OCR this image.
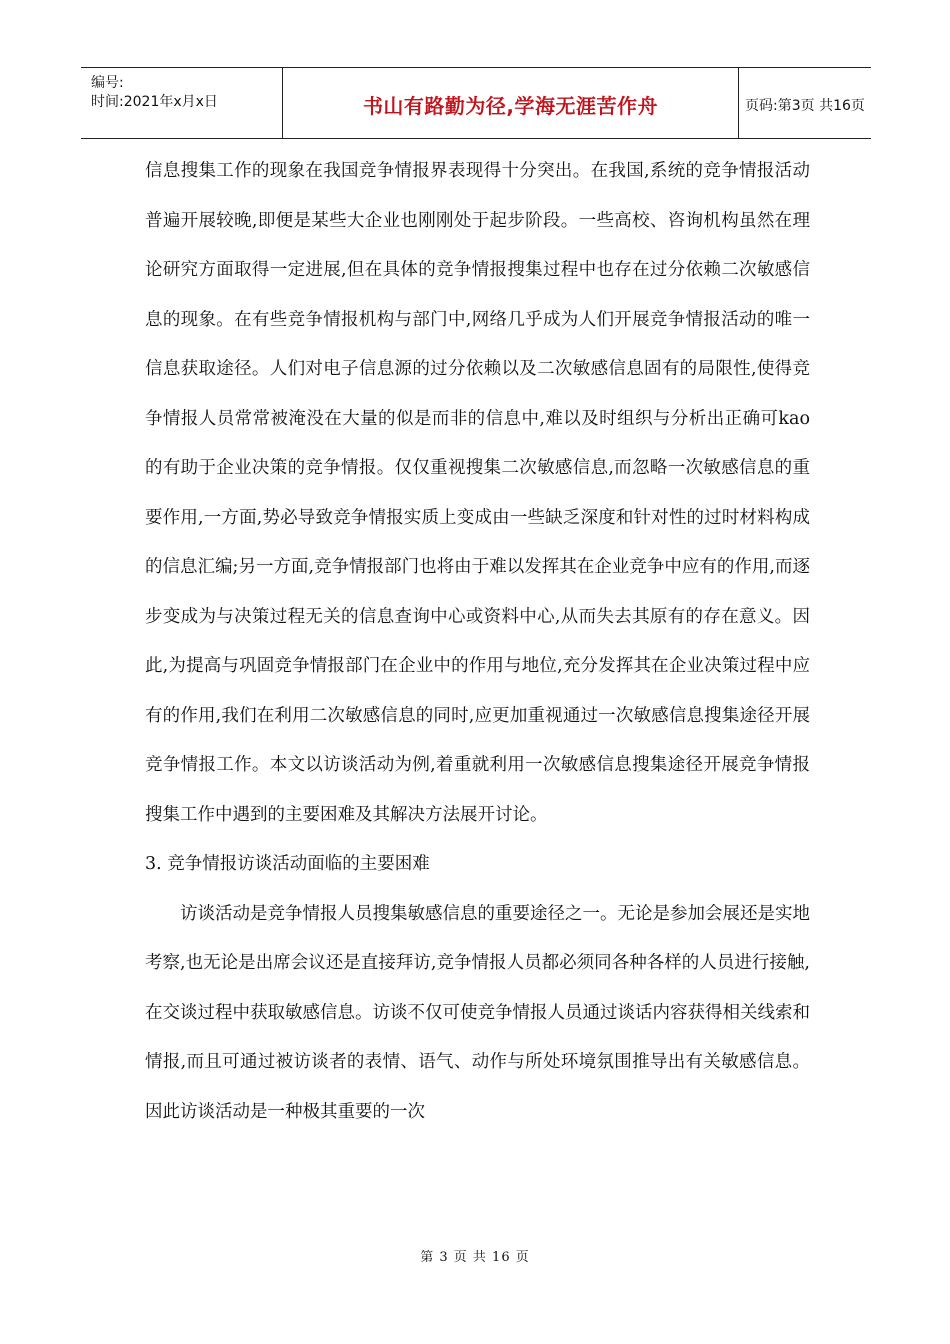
编号:
时间:2021年x月x日	书山有路勤为径,学海无涯苦作舟	页码:第3页 共16页

信息搜集工作的现象在我国竞争情报界表现得十分突出。在我国,系统的竞争情报活动普遍开展较晚,即便是某些大企业也刚刚处于起步阶段。一些高校、咨询机构虽然在理论研究方面取得一定进展,但在具体的竞争情报搜集过程中也存在过分依赖二次敏感信息的现象。在有些竞争情报机构与部门中,网络几乎成为人们开展竞争情报活动的唯一信息获取途径。人们对电子信息源的过分依赖以及二次敏感信息固有的局限性,使得竞争情报人员常常被淹没在大量的似是而非的信息中,难以及时组织与分析出正确可kao的有助于企业决策的竞争情报。仅仅重视搜集二次敏感信息,而忽略一次敏感信息的重要作用,一方面,势必导致竞争情报实质上变成由一些缺乏深度和针对性的过时材料构成的信息汇编;另一方面,竞争情报部门也将由于难以发挥其在企业竞争中应有的作用,而逐步变成为与决策过程无关的信息查询中心或资料中心,从而失去其原有的存在意义。因此,为提高与巩固竞争情报部门在企业中的作用与地位,充分发挥其在企业决策过程中应有的作用,我们在利用二次敏感信息的同时,应更加重视通过一次敏感信息搜集途径开展竞争情报工作。本文以访谈活动为例,着重就利用一次敏感信息搜集途径开展竞争情报搜集工作中遇到的主要困难及其解决方法展开讨论。

3. 竞争情报访谈活动面临的主要困难

访谈活动是竞争情报人员搜集敏感信息的重要途径之一。无论是参加会展还是实地考察,也无论是出席会议还是直接拜访,竞争情报人员都必须同各种各样的人员进行接触,在交谈过程中获取敏感信息。访谈不仅可使竞争情报人员通过谈话内容获得相关线索和情报,而且可通过被访谈者的表情、语气、动作与所处环境氛围推导出有关敏感信息。因此访谈活动是一种极其重要的一次

第 3 页 共 16 页
